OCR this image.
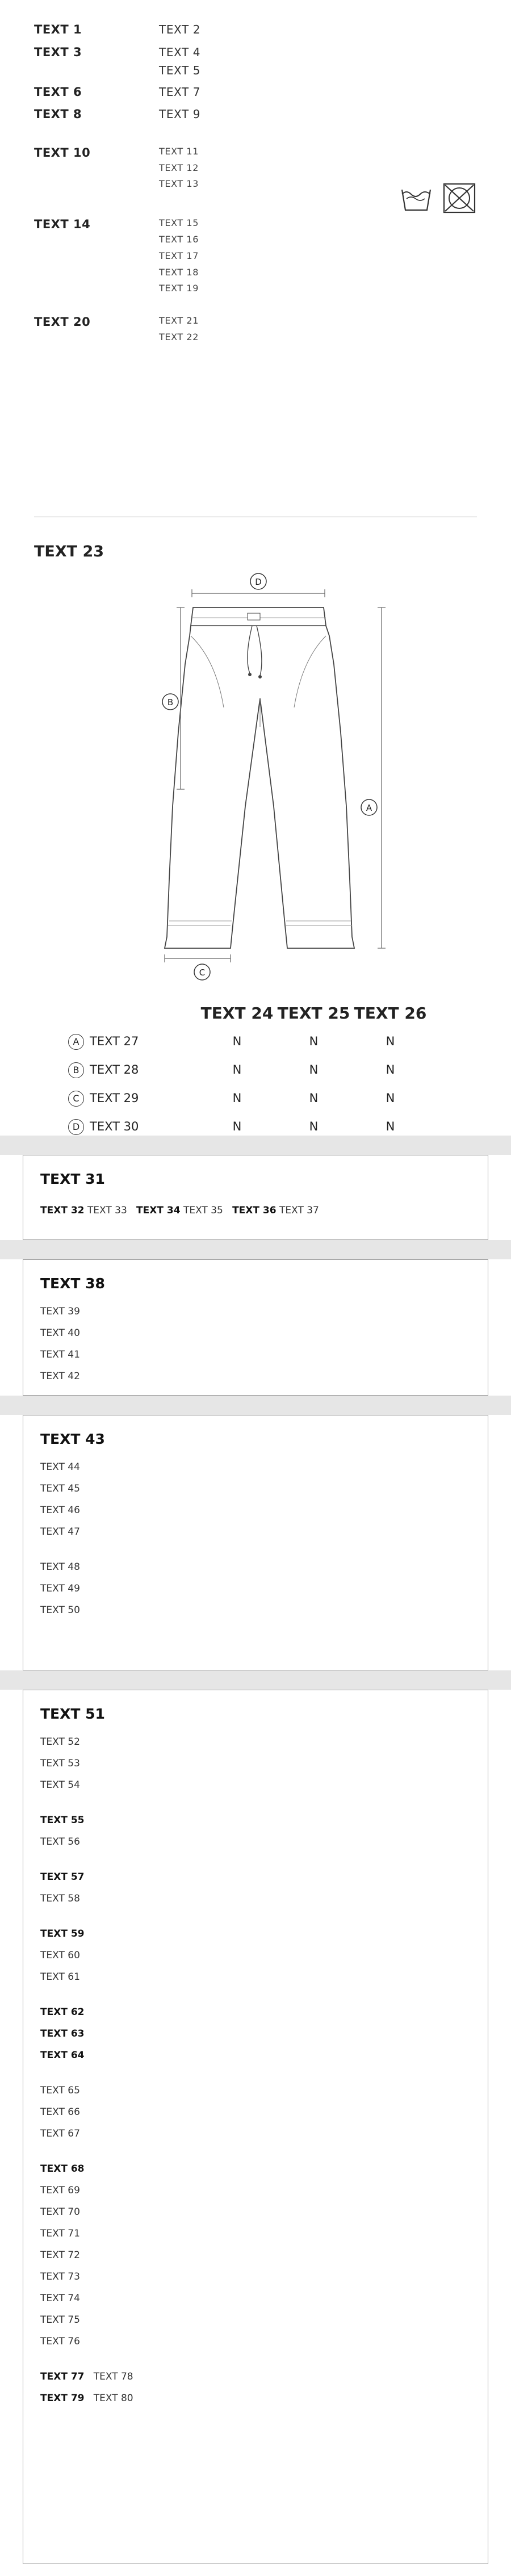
TEXT 1	TEXT 2
TEXT 3	TEXT 4
TEXT 5
TEXT 6	TEXT 7
TEXT 8	TEXT 9
TEXT 10	TEXT 11
TEXT 12
TEXT 13
TEXT 14	TEXT 15
TEXT 16
TEXT 17
TEXT 18
TEXT 19
TEXT 20	TEXT 21
TEXT 22
TEXT 23
D
B
A
C
TEXT 24 TEXT 25 TEXT 26
A TEXT 27	N	N	N
B TEXT 28	N	N	N
C TEXT 29	N	N	N
D TEXT 30	N	N	N
TEXT 31
TEXT 32 TEXT 33 TEXT 34 TEXT 35 TEXT 36 TEXT 37
TEXT 38
TEXT 39
TEXT 40
TEXT 41
TEXT 42
TEXT 43
TEXT 44
TEXT 45
TEXT 46
TEXT 47
TEXT 48
TEXT 49
TEXT 50
TEXT 51
TEXT 52
TEXT 53
TEXT 54
TEXT 55
TEXT 56
TEXT 57
TEXT 58
TEXT 59
TEXT 60
TEXT 61
TEXT 62
TEXT 63
TEXT 64
TEXT 65
TEXT 66
TEXT 67
TEXT 68
TEXT 69
TEXT 70
TEXT 71
TEXT 72
TEXT 73
TEXT 74
TEXT 75
TEXT 76
TEXT 77 TEXT 78
TEXT 79 TEXT 80
